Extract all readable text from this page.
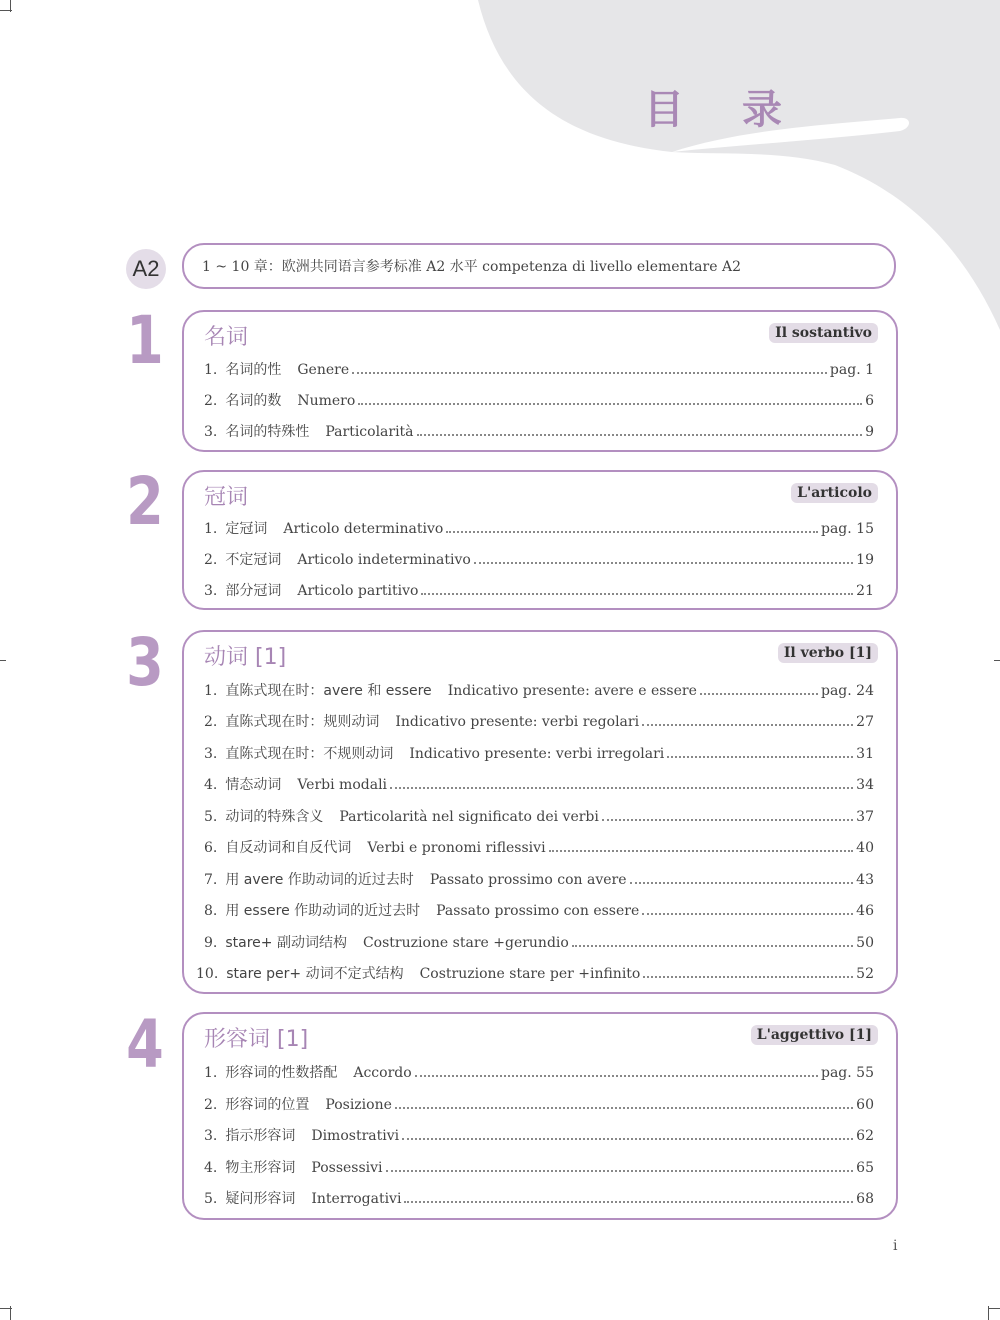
目 录
A2	1 ~ 10 章：欧洲共同语言参考标准 A2 水平 competenza di livello elementare A2
1	名词	Il sostantivo
1. 名词的性 Genere	pag. 1
2. 名词的数 Numero	6
3. 名词的特殊性 Particolarità	9
2	冠词	L'articolo
1. 定冠词 Articolo determinativo	pag. 15
2. 不定冠词 Articolo indeterminativo	19
3. 部分冠词 Articolo partitivo	21
3	动词 [1]	Il verbo [1]
1. 直陈式现在时：avere 和 essere Indicativo presente: avere e essere	pag. 24
2. 直陈式现在时：规则动词 Indicativo presente: verbi regolari	27
3. 直陈式现在时：不规则动词 Indicativo presente: verbi irregolari	31
4. 情态动词 Verbi modali	34
5. 动词的特殊含义 Particolarità nel significato dei verbi	37
6. 自反动词和自反代词 Verbi e pronomi riflessivi	40
7. 用 avere 作助动词的近过去时 Passato prossimo con avere	43
8. 用 essere 作助动词的近过去时 Passato prossimo con essere	46
9. stare+ 副动词结构 Costruzione stare +gerundio	50
10. stare per+ 动词不定式结构 Costruzione stare per +infinito	52
4	形容词 [1]	L'aggettivo [1]
1. 形容词的性数搭配 Accordo	pag. 55
2. 形容词的位置 Posizione	60
3. 指示形容词 Dimostrativi	62
4. 物主形容词 Possessivi	65
5. 疑问形容词 Interrogativi	68
i
